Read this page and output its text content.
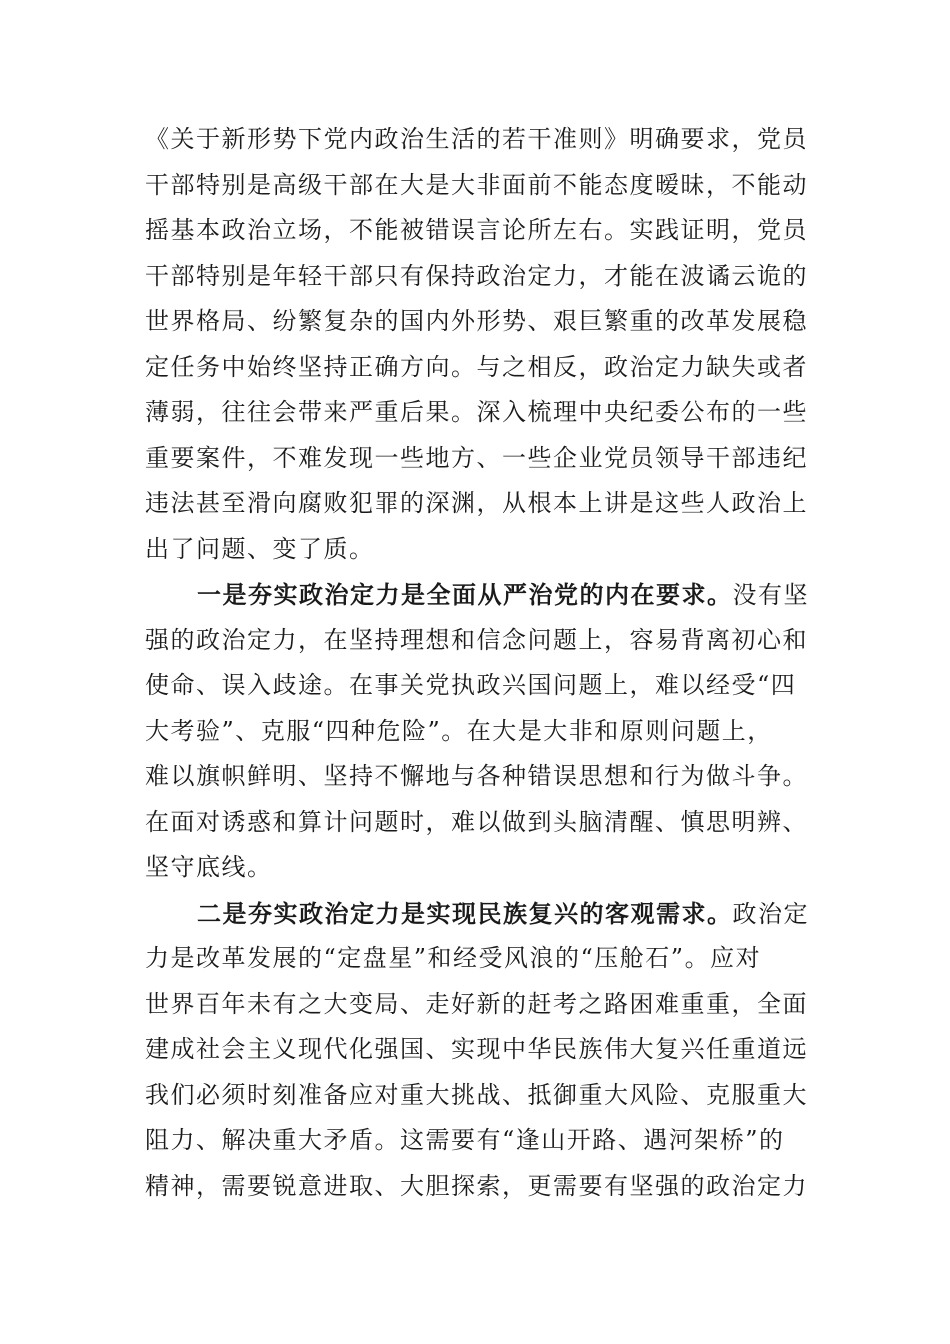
《关于新形势下党内政治生活的若干准则》明确要求，党员
干部特别是高级干部在大是大非面前不能态度暧昧，不能动
摇基本政治立场，不能被错误言论所左右。实践证明，党员
干部特别是年轻干部只有保持政治定力，才能在波谲云诡的
世界格局、纷繁复杂的国内外形势、艰巨繁重的改革发展稳
定任务中始终坚持正确方向。与之相反，政治定力缺失或者
薄弱，往往会带来严重后果。深入梳理中央纪委公布的一些
重要案件，不难发现一些地方、一些企业党员领导干部违纪
违法甚至滑向腐败犯罪的深渊，从根本上讲是这些人政治上
出了问题、变了质。
一是夯实政治定力是全面从严治党的内在要求。没有坚
强的政治定力，在坚持理想和信念问题上，容易背离初心和
使命、误入歧途。在事关党执政兴国问题上，难以经受“四
大考验”、克服“四种危险”。在大是大非和原则问题上，
难以旗帜鲜明、坚持不懈地与各种错误思想和行为做斗争。
在面对诱惑和算计问题时，难以做到头脑清醒、慎思明辨、
坚守底线。
二是夯实政治定力是实现民族复兴的客观需求。政治定
力是改革发展的“定盘星”和经受风浪的“压舱石”。应对
世界百年未有之大变局、走好新的赶考之路困难重重，全面
建成社会主义现代化强国、实现中华民族伟大复兴任重道远
我们必须时刻准备应对重大挑战、抵御重大风险、克服重大
阻力、解决重大矛盾。这需要有“逢山开路、遇河架桥”的
精神，需要锐意进取、大胆探索，更需要有坚强的政治定力
